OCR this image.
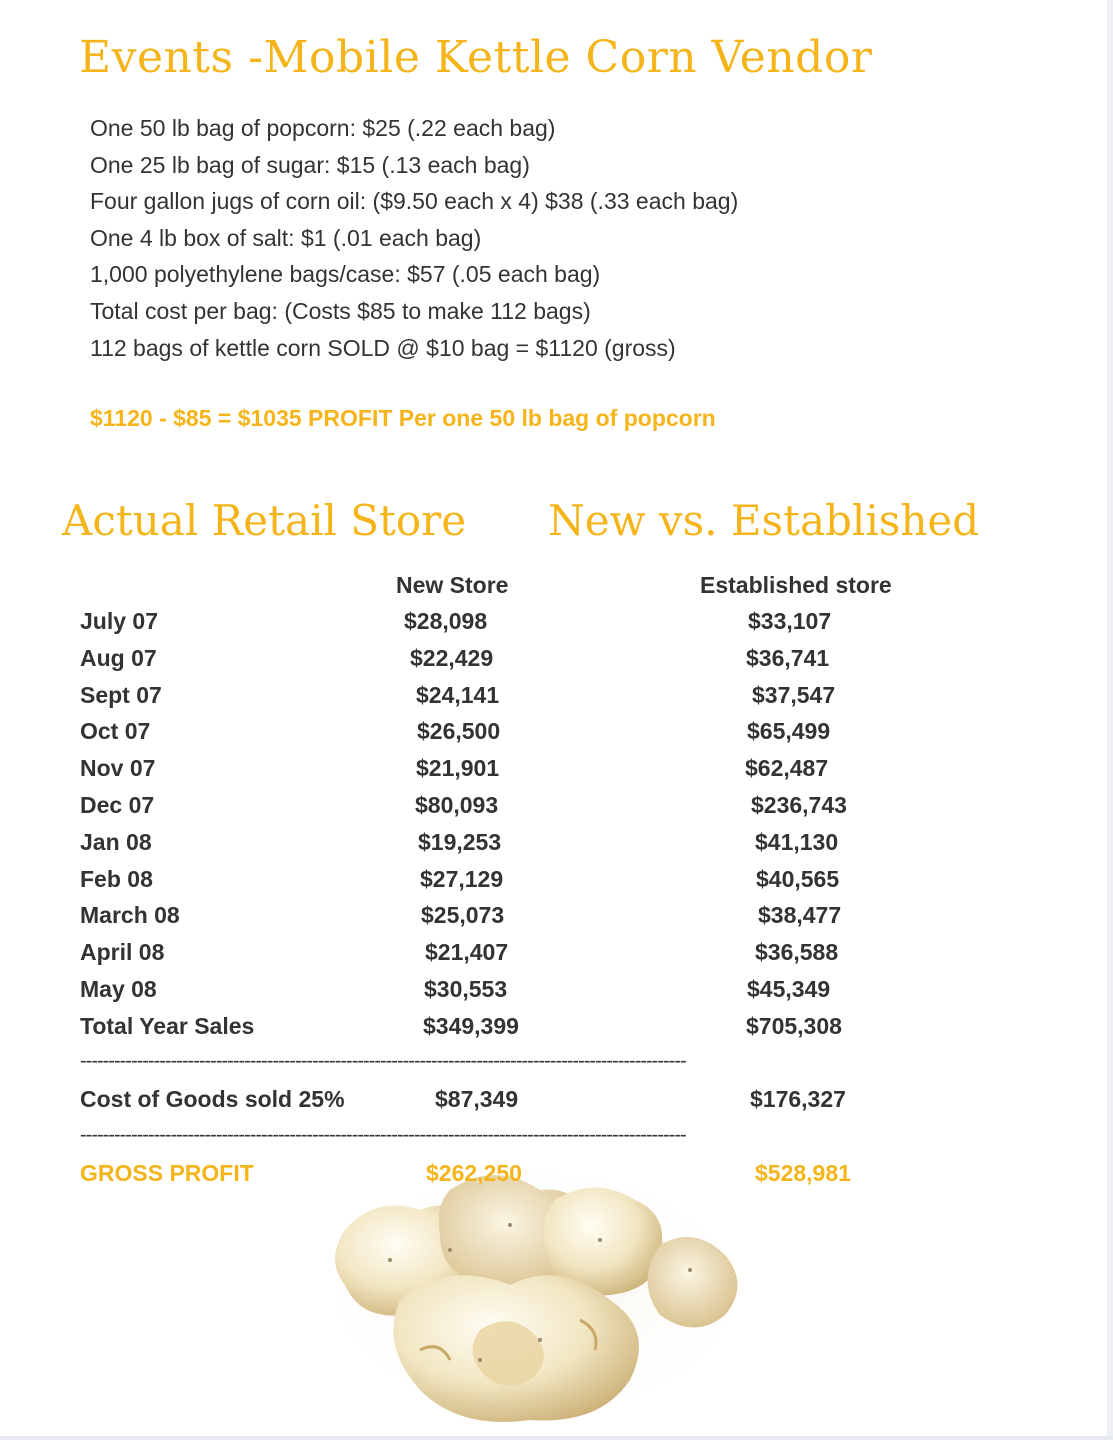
Events -Mobile Kettle Corn Vendor
One 50 lb bag of popcorn: $25 (.22 each bag)
One 25 lb bag of sugar: $15 (.13 each bag)
Four gallon jugs of corn oil: ($9.50 each x 4) $38 (.33 each bag)
One 4 lb box of salt: $1 (.01 each bag)
1,000 polyethylene bags/case: $57 (.05 each bag)
Total cost per bag: (Costs $85 to make 112 bags)
112 bags of kettle corn SOLD @ $10 bag = $1120 (gross)
$1120 - $85 = $1035 PROFIT Per one 50 lb bag of popcorn
Actual Retail Store New vs. Established
New Store	Established store
July 07	$28,098	$33,107
Aug 07	$22,429	$36,741
Sept 07	$24,141	$37,547
Oct 07	$26,500	$65,499
Nov 07	$21,901	$62,487
Dec 07	$80,093	$236,743
Jan 08	$19,253	$41,130
Feb 08	$27,129	$40,565
March 08	$25,073	$38,477
April 08	$21,407	$36,588
May 08	$30,553	$45,349
Total Year Sales	$349,399	$705,308
-----------------------------------------------------------------------------------------------------------
Cost of Goods sold 25%	$87,349	$176,327
-----------------------------------------------------------------------------------------------------------
GROSS PROFIT	$262,250	$528,981
